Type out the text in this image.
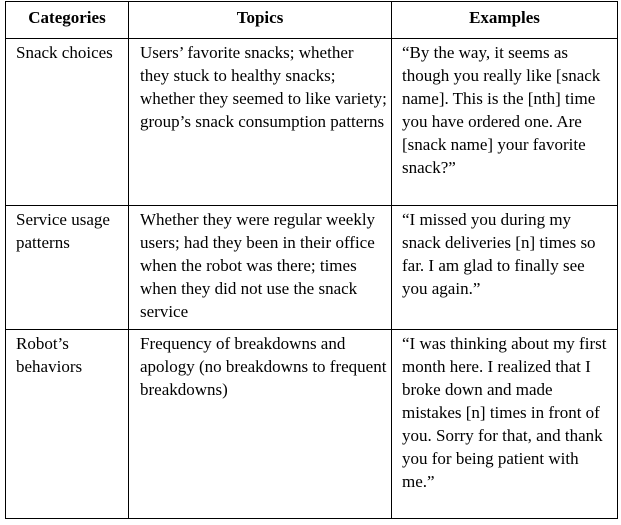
Categories	Topics	Examples

Snack choices	Users’ favorite snacks; whether they stuck to healthy snacks; whether they seemed to like variety; group’s snack consumption patterns	“By the way, it seems as though you really like [snack name]. This is the [nth] time you have ordered one. Are [snack name] your favorite snack?”

Service usage patterns	Whether they were regular weekly users; had they been in their office when the robot was there; times when they did not use the snack service	“I missed you during my snack deliveries [n] times so far. I am glad to finally see you again.”

Robot’s behaviors	Frequency of breakdowns and apology (no breakdowns to frequent breakdowns)	“I was thinking about my first month here. I realized that I broke down and made mistakes [n] times in front of you. Sorry for that, and thank you for being patient with me.”
